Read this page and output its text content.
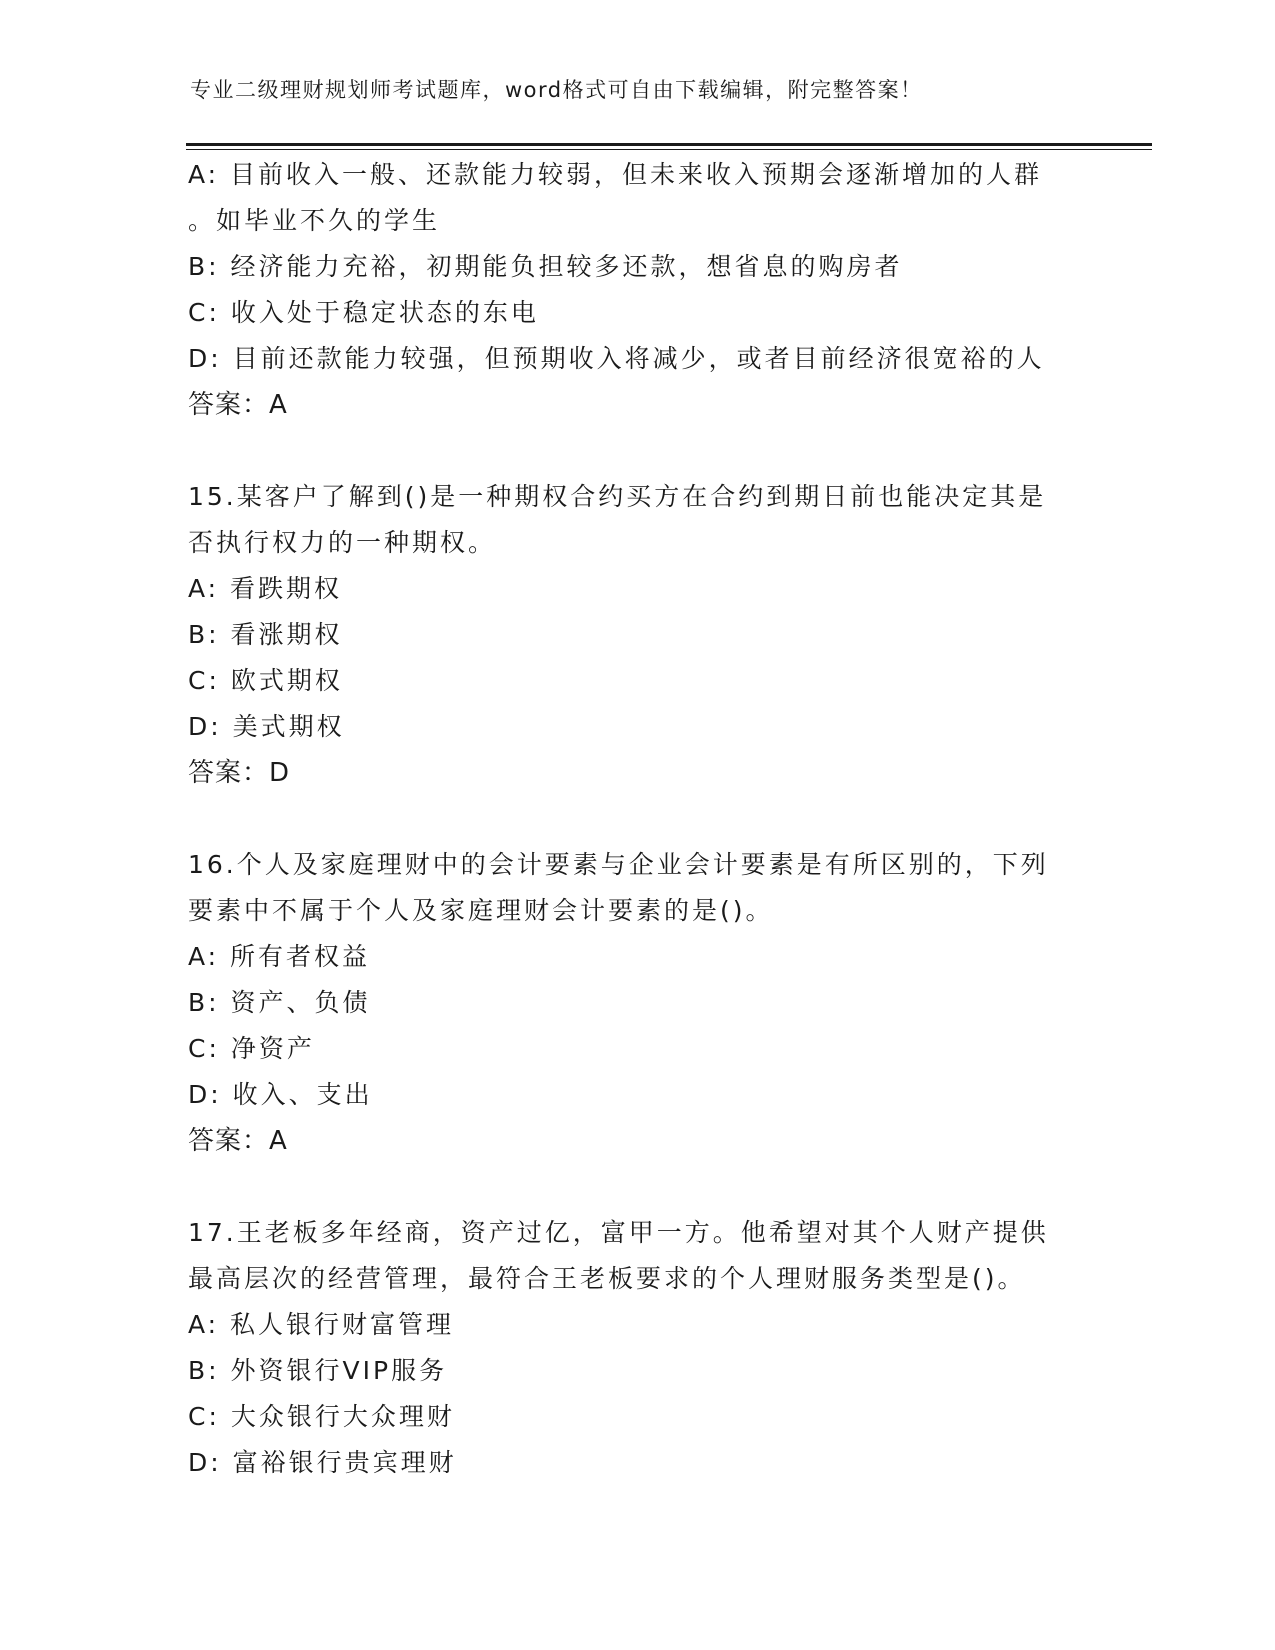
专业二级理财规划师考试题库，word格式可自由下载编辑，附完整答案！
A: 目前收入一般、还款能力较弱，但未来收入预期会逐渐增加的人群
。如毕业不久的学生
B: 经济能力充裕，初期能负担较多还款，想省息的购房者
C: 收入处于稳定状态的东电
D: 目前还款能力较强，但预期收入将减少，或者目前经济很宽裕的人
答案：A
15.某客户了解到()是一种期权合约买方在合约到期日前也能决定其是
否执行权力的一种期权。
A: 看跌期权
B: 看涨期权
C: 欧式期权
D: 美式期权
答案：D
16.个人及家庭理财中的会计要素与企业会计要素是有所区别的，下列
要素中不属于个人及家庭理财会计要素的是()。
A: 所有者权益
B: 资产、负债
C: 净资产
D: 收入、支出
答案：A
17.王老板多年经商，资产过亿，富甲一方。他希望对其个人财产提供
最高层次的经营管理，最符合王老板要求的个人理财服务类型是()。
A: 私人银行财富管理
B: 外资银行VIP服务
C: 大众银行大众理财
D: 富裕银行贵宾理财
